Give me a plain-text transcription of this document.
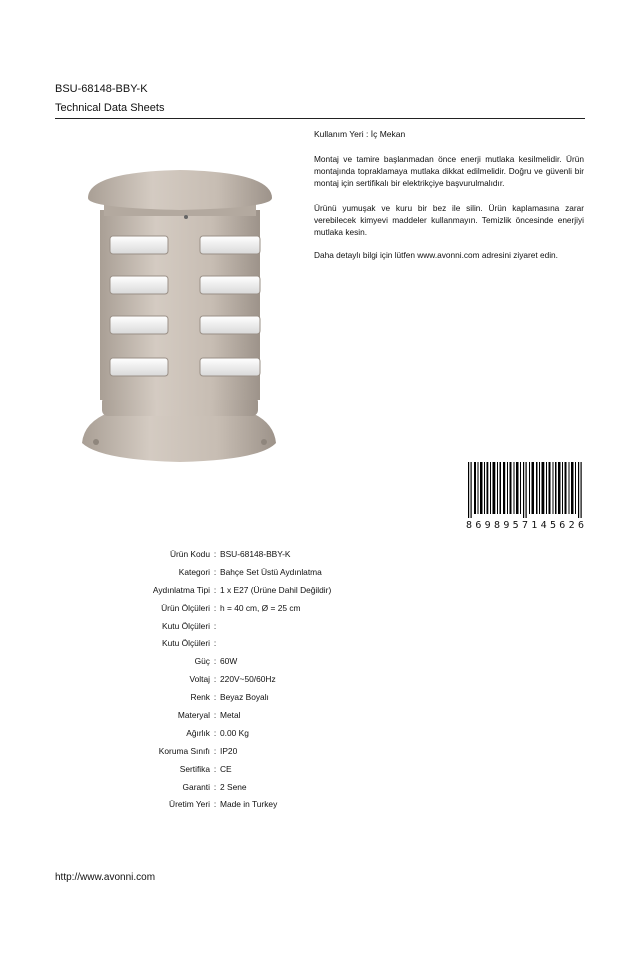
BSU-68148-BBY-K
Technical Data Sheets
Kullanım Yeri : İç Mekan
Montaj ve tamire başlanmadan önce enerji mutlaka kesilmelidir. Ürün montajında topraklamaya mutlaka dikkat edilmelidir. Doğru ve güvenli bir montaj için sertifikalı bir elektrikçiye başvurulmalıdır.
Ürünü yumuşak ve kuru bir bez ile silin. Ürün kaplamasına zarar verebilecek kimyevi maddeler kullanmayın. Temizlik öncesinde enerjiyi mutlaka kesin.
Daha detaylı bilgi için lütfen www.avonni.com adresini ziyaret edin.
8 6 9 8 9 5 7 1 4 5 6 2 6
Ürün Kodu : BSU-68148-BBY-K
Kategori : Bahçe Set Üstü Aydınlatma
Aydınlatma Tipi : 1 x E27 (Ürüne Dahil Değildir)
Ürün Ölçüleri : h = 40 cm, Ø = 25 cm
Kutu Ölçüleri :
Kutu Ölçüleri :
Güç : 60W
Voltaj : 220V~50/60Hz
Renk : Beyaz Boyalı
Materyal : Metal
Ağırlık : 0.00 Kg
Koruma Sınıfı : IP20
Sertifika : CE
Garanti : 2 Sene
Üretim Yeri : Made in Turkey
http://www.avonni.com
